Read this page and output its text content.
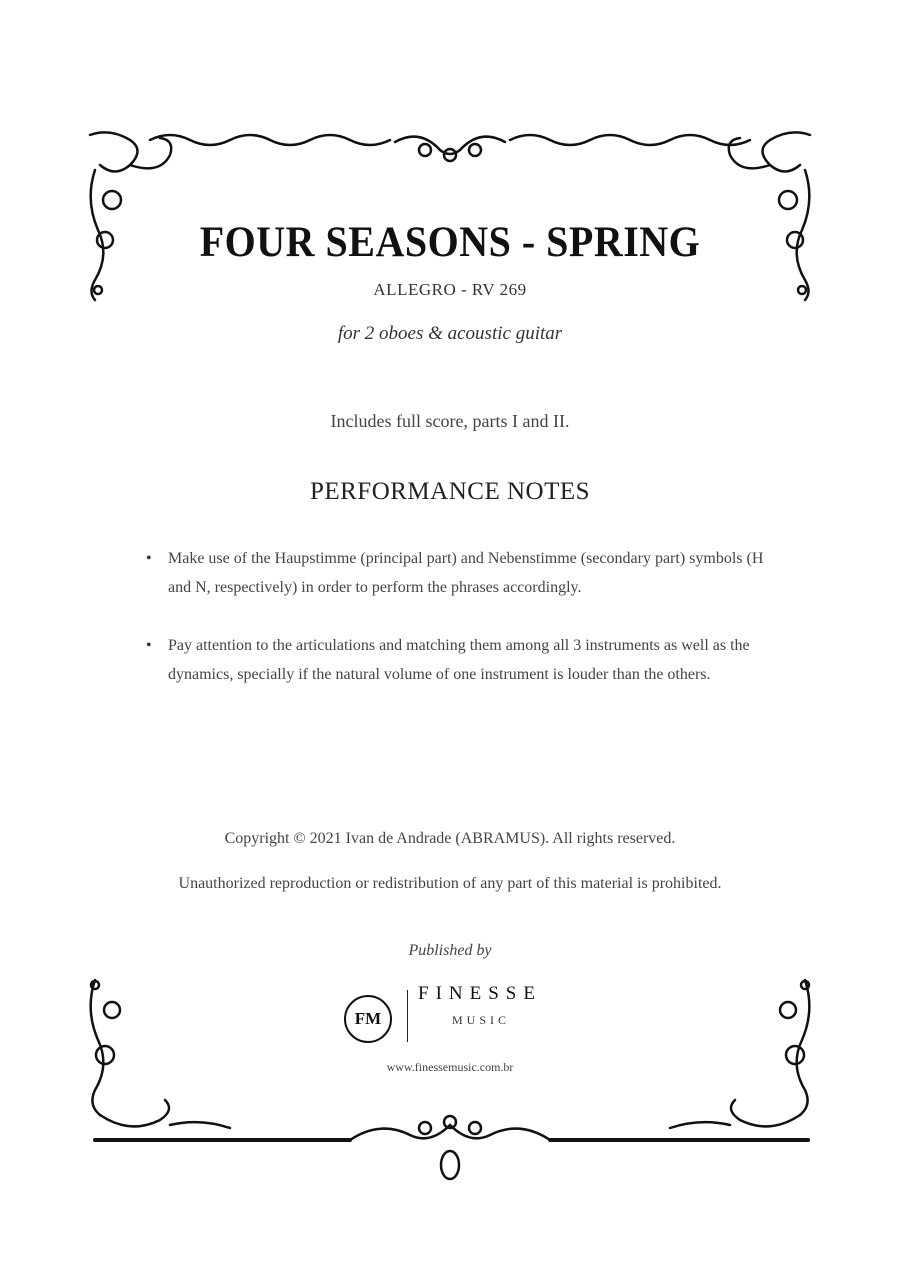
FOUR SEASONS - SPRING
ALLEGRO - RV 269
for 2 oboes & acoustic guitar
Includes full score, parts I and II.
PERFORMANCE NOTES
• Make use of the Haupstimme (principal part) and Nebenstimme (secondary part) symbols (H and N, respectively) in order to perform the phrases accordingly.
• Pay attention to the articulations and matching them among all 3 instruments as well as the dynamics, specially if the natural volume of one instrument is louder than the others.
Copyright © 2021 Ivan de Andrade (ABRAMUS). All rights reserved.
Unauthorized reproduction or redistribution of any part of this material is prohibited.
Published by
FM
FINESSE
MUSIC
www.finessemusic.com.br
